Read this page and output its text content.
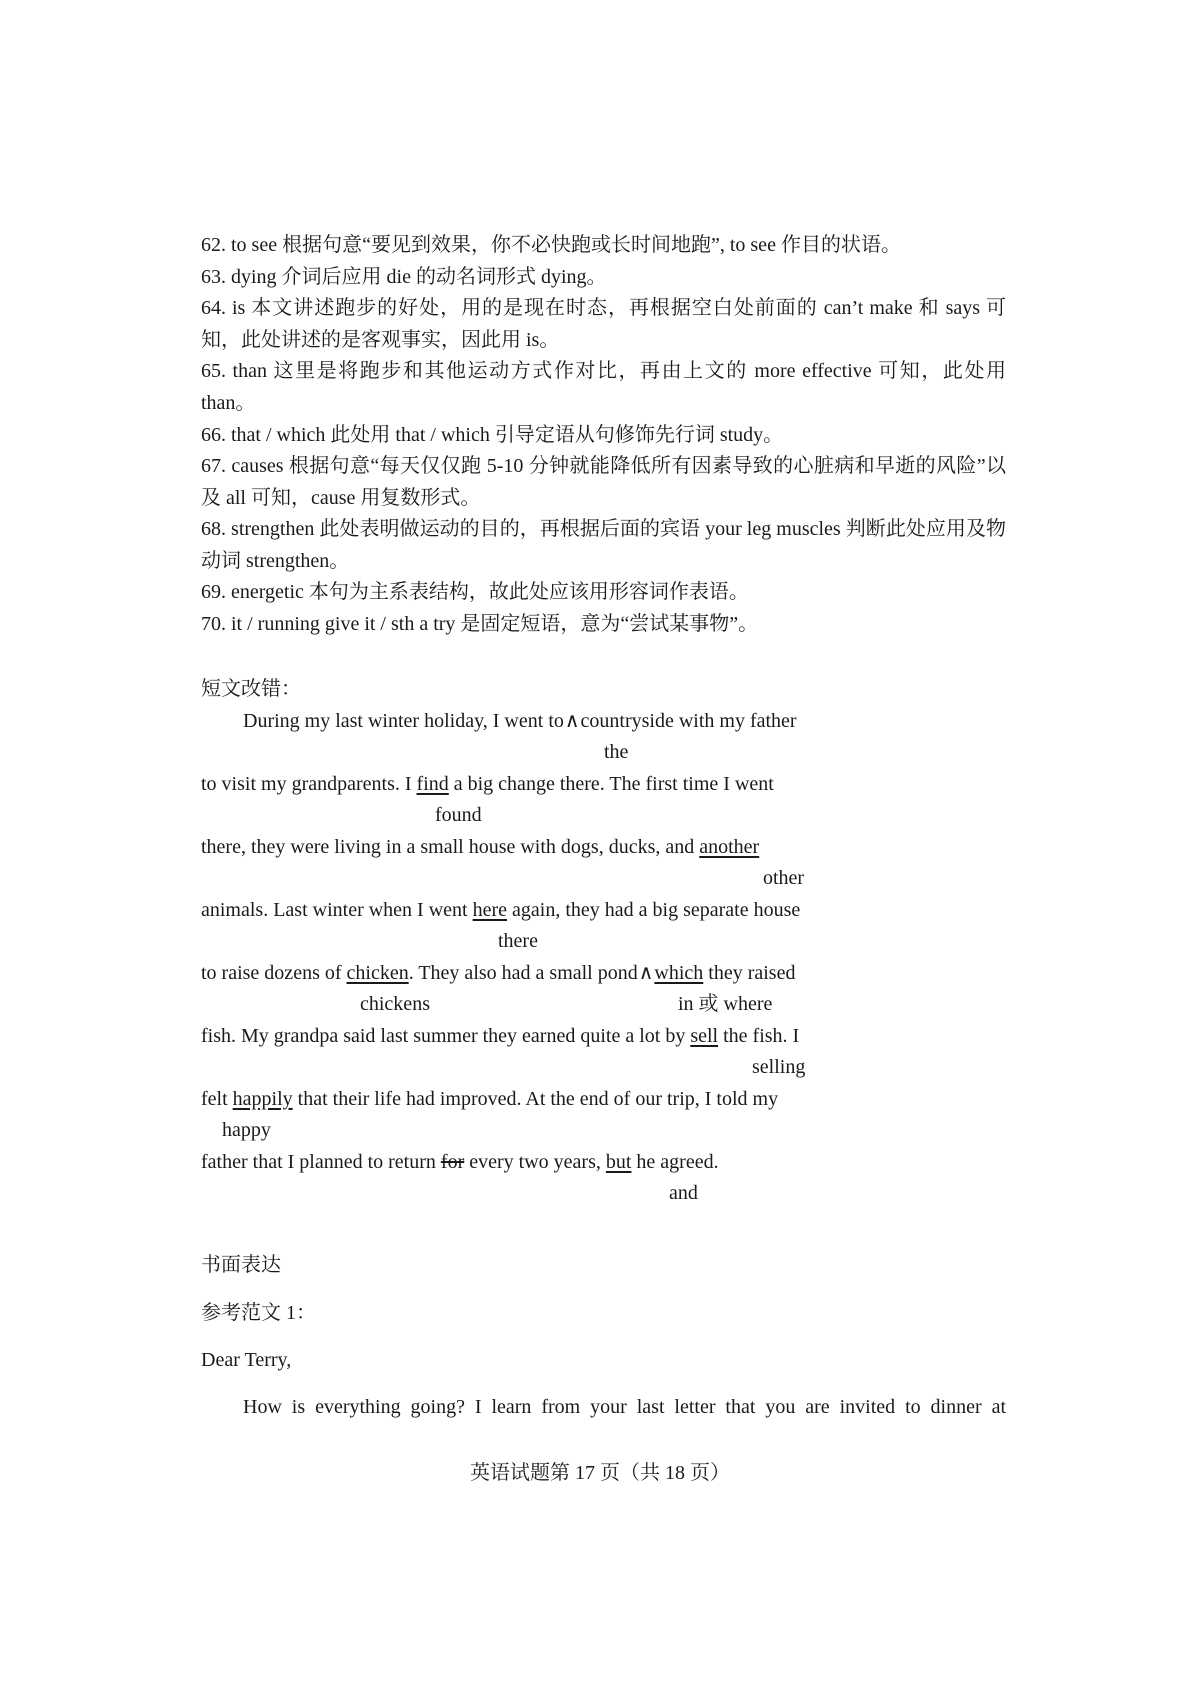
62. to see 根据句意“要见到效果，你不必快跑或长时间地跑”, to see 作目的状语。

63. dying 介词后应用 die 的动名词形式 dying。

64. is 本文讲述跑步的好处，用的是现在时态，再根据空白处前面的 can’t make 和 says 可知，此处讲述的是客观事实，因此用 is。

65. than 这里是将跑步和其他运动方式作对比，再由上文的 more effective 可知，此处用 than。

66. that / which 此处用 that / which 引导定语从句修饰先行词 study。

67. causes 根据句意“每天仅仅跑 5-10 分钟就能降低所有因素导致的心脏病和早逝的风险”以及 all 可知，cause 用复数形式。

68. strengthen 此处表明做运动的目的，再根据后面的宾语 your leg muscles 判断此处应用及物动词 strengthen。

69. energetic 本句为主系表结构，故此处应该用形容词作表语。

70. it / running give it / sth a try 是固定短语，意为“尝试某事物”。

短文改错：

During my last winter holiday, I went to∧countryside with my father
the
to visit my grandparents. I find a big change there. The first time I went
found
there, they were living in a small house with dogs, ducks, and another
other
animals. Last winter when I went here again, they had a big separate house
there
to raise dozens of chicken. They also had a small pond∧which they raised
chickens	in 或 where
fish. My grandpa said last summer they earned quite a lot by sell the fish. I
selling
felt happily that their life had improved. At the end of our trip, I told my
happy
father that I planned to return for every two years, but he agreed.
and

书面表达

参考范文 1：

Dear Terry,

How is everything going? I learn from your last letter that you are invited to dinner at

英语试题第 17 页（共 18 页）
